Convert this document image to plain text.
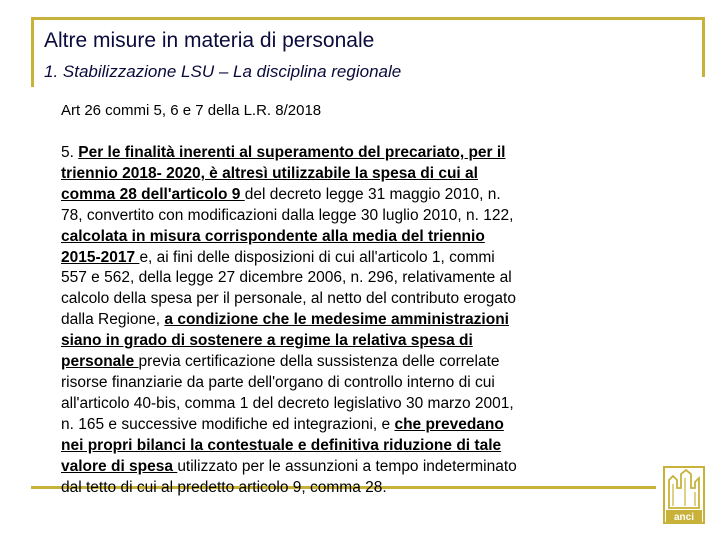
Altre misure in materia di personale
1. Stabilizzazione LSU – La disciplina regionale

Art 26 commi 5, 6 e 7 della L.R. 8/2018

5. Per le finalità inerenti al superamento del precariato, per il
triennio 2018- 2020, è altresì utilizzabile la spesa di cui al
comma 28 dell'articolo 9 del decreto legge 31 maggio 2010, n.
78, convertito con modificazioni dalla legge 30 luglio 2010, n. 122,
calcolata in misura corrispondente alla media del triennio
2015-2017 e, ai fini delle disposizioni di cui all'articolo 1, commi
557 e 562, della legge 27 dicembre 2006, n. 296, relativamente al
calcolo della spesa per il personale, al netto del contributo erogato
dalla Regione, a condizione che le medesime amministrazioni
siano in grado di sostenere a regime la relativa spesa di
personale previa certificazione della sussistenza delle correlate
risorse finanziarie da parte dell'organo di controllo interno di cui
all'articolo 40-bis, comma 1 del decreto legislativo 30 marzo 2001,
n. 165 e successive modifiche ed integrazioni, e che prevedano
nei propri bilanci la contestuale e definitiva riduzione di tale
valore di spesa utilizzato per le assunzioni a tempo indeterminato
dal tetto di cui al predetto articolo 9, comma 28.
anci
